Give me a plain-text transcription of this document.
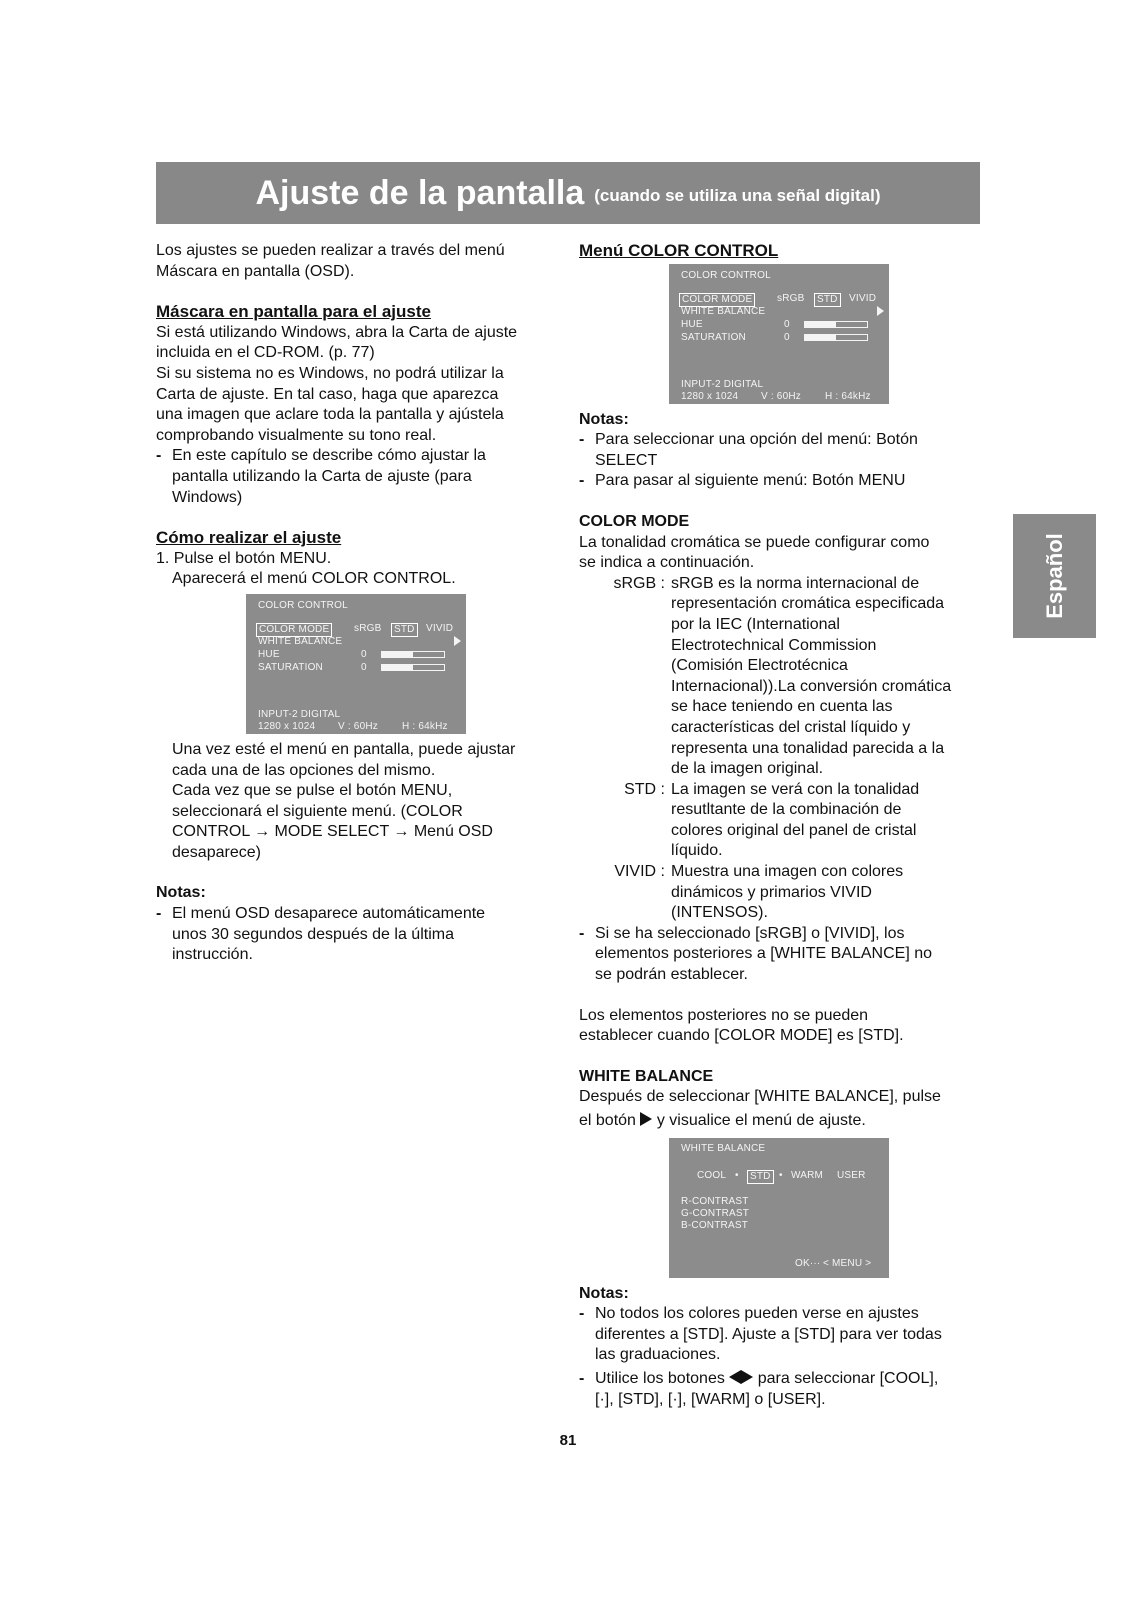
Ajuste de la pantalla (cuando se utiliza una señal digital)

Los ajustes se pueden realizar a través del menú

Máscara en pantalla (OSD).

Máscara en pantalla para el ajuste

Si está utilizando Windows, abra la Carta de ajuste

incluida en el CD-ROM. (p. 77)

Si su sistema no es Windows, no podrá utilizar la

Carta de ajuste. En tal caso, haga que aparezca

una imagen que aclare toda la pantalla y ajústela

comprobando visualmente su tono real.

- En este capítulo se describe cómo ajustar la

pantalla utilizando la Carta de ajuste (para

Windows)

Cómo realizar el ajuste

1. Pulse el botón MENU.

Aparecerá el menú COLOR CONTROL.

COLOR CONTROL
COLOR MODE	sRGB	STD	VIVID
WHITE BALANCE
HUE	0
SATURATION	0
INPUT-2 DIGITAL
1280 x 1024 V : 60Hz H : 64kHz

Una vez esté el menú en pantalla, puede ajustar

cada una de las opciones del mismo.

Cada vez que se pulse el botón MENU,

seleccionará el siguiente menú. (COLOR

CONTROL → MODE SELECT → Menú OSD

desaparece)

Notas:

- El menú OSD desaparece automáticamente

unos 30 segundos después de la última

instrucción.

Menú COLOR CONTROL

COLOR CONTROL
COLOR MODE	sRGB	STD	VIVID
WHITE BALANCE
HUE	0
SATURATION	0
INPUT-2 DIGITAL
1280 x 1024 V : 60Hz H : 64kHz

Notas:

- Para seleccionar una opción del menú: Botón

SELECT

- Para pasar al siguiente menú: Botón MENU

COLOR MODE

La tonalidad cromática se puede configurar como

se indica a continuación.

sRGB : sRGB es la norma internacional de

representación cromática especificada

por la IEC (International

Electrotechnical Commission

(Comisión Electrotécnica

Internacional)).La conversión cromática

se hace teniendo en cuenta las

características del cristal líquido y

representa una tonalidad parecida a la

de la imagen original.

STD : La imagen se verá con la tonalidad

resutltante de la combinación de

colores original del panel de cristal

líquido.

VIVID : Muestra una imagen con colores

dinámicos y primarios VIVID

(INTENSOS).

- Si se ha seleccionado [sRGB] o [VIVID], los

elementos posteriores a [WHITE BALANCE] no

se podrán establecer.

Los elementos posteriores no se pueden

establecer cuando [COLOR MODE] es [STD].

WHITE BALANCE

Después de seleccionar [WHITE BALANCE], pulse

el botón y visualice el menú de ajuste.

WHITE BALANCE
COOL •	STD • WARM USER
R-CONTRAST
G-CONTRAST
B-CONTRAST
OK··· < MENU >

Notas:

- No todos los colores pueden verse en ajustes

diferentes a [STD]. Ajuste a [STD] para ver todas

las graduaciones.

- Utilice los botones para seleccionar [COOL],

[·], [STD], [·], [WARM] o [USER].

Español
81
